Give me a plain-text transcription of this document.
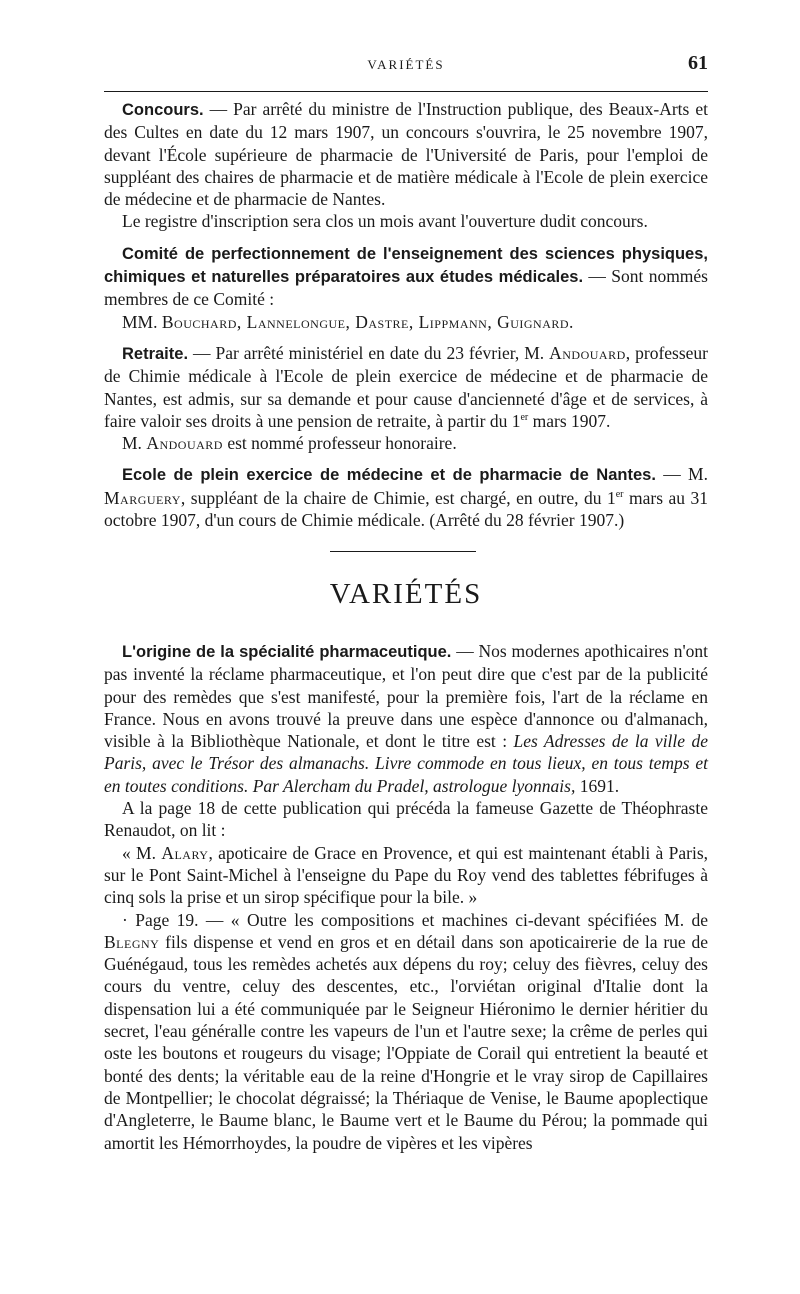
VARIÉTÉS	61

Concours. — Par arrêté du ministre de l'Instruction publique, des Beaux-Arts et des Cultes en date du 12 mars 1907, un concours s'ouvrira, le 25 novembre 1907, devant l'École supérieure de pharmacie de l'Université de Paris, pour l'emploi de suppléant des chaires de pharmacie et de matière médicale à l'Ecole de plein exercice de médecine et de pharmacie de Nantes.

Le registre d'inscription sera clos un mois avant l'ouverture dudit concours.

Comité de perfectionnement de l'enseignement des sciences physiques, chimiques et naturelles préparatoires aux études médicales. — Sont nommés membres de ce Comité :

MM. Bouchard, Lannelongue, Dastre, Lippmann, Guignard.

Retraite. — Par arrêté ministériel en date du 23 février, M. Andouard, professeur de Chimie médicale à l'Ecole de plein exercice de médecine et de pharmacie de Nantes, est admis, sur sa demande et pour cause d'ancienneté d'âge et de services, à faire valoir ses droits à une pension de retraite, à partir du 1er mars 1907.

M. Andouard est nommé professeur honoraire.

Ecole de plein exercice de médecine et de pharmacie de Nantes. — M. Marguery, suppléant de la chaire de Chimie, est chargé, en outre, du 1er mars au 31 octobre 1907, d'un cours de Chimie médicale. (Arrêté du 28 février 1907.)

VARIÉTÉS

L'origine de la spécialité pharmaceutique. — Nos modernes apothicaires n'ont pas inventé la réclame pharmaceutique, et l'on peut dire que c'est par de la publicité pour des remèdes que s'est manifesté, pour la première fois, l'art de la réclame en France. Nous en avons trouvé la preuve dans une espèce d'annonce ou d'almanach, visible à la Bibliothèque Nationale, et dont le titre est : Les Adresses de la ville de Paris, avec le Trésor des almanachs. Livre commode en tous lieux, en tous temps et en toutes conditions. Par Alercham du Pradel, astrologue lyonnais, 1691.

A la page 18 de cette publication qui précéda la fameuse Gazette de Théophraste Renaudot, on lit :

« M. Alary, apoticaire de Grace en Provence, et qui est maintenant établi à Paris, sur le Pont Saint-Michel à l'enseigne du Pape du Roy vend des tablettes fébrifuges à cinq sols la prise et un sirop spécifique pour la bile. »

· Page 19. — « Outre les compositions et machines ci-devant spécifiées M. de Blegny fils dispense et vend en gros et en détail dans son apoticairerie de la rue de Guénégaud, tous les remèdes achetés aux dépens du roy; celuy des fièvres, celuy des cours du ventre, celuy des descentes, etc., l'orviétan original d'Italie dont la dispensation lui a été communiquée par le Seigneur Hiéronimo le dernier héritier du secret, l'eau généralle contre les vapeurs de l'un et l'autre sexe; la crême de perles qui oste les boutons et rougeurs du visage; l'Oppiate de Corail qui entretient la beauté et bonté des dents; la véritable eau de la reine d'Hongrie et le vray sirop de Capillaires de Montpellier; le chocolat dégraissé; la Thériaque de Venise, le Baume apoplectique d'Angleterre, le Baume blanc, le Baume vert et le Baume du Pérou; la pommade qui amortit les Hémorrhoydes, la poudre de vipères et les vipères
